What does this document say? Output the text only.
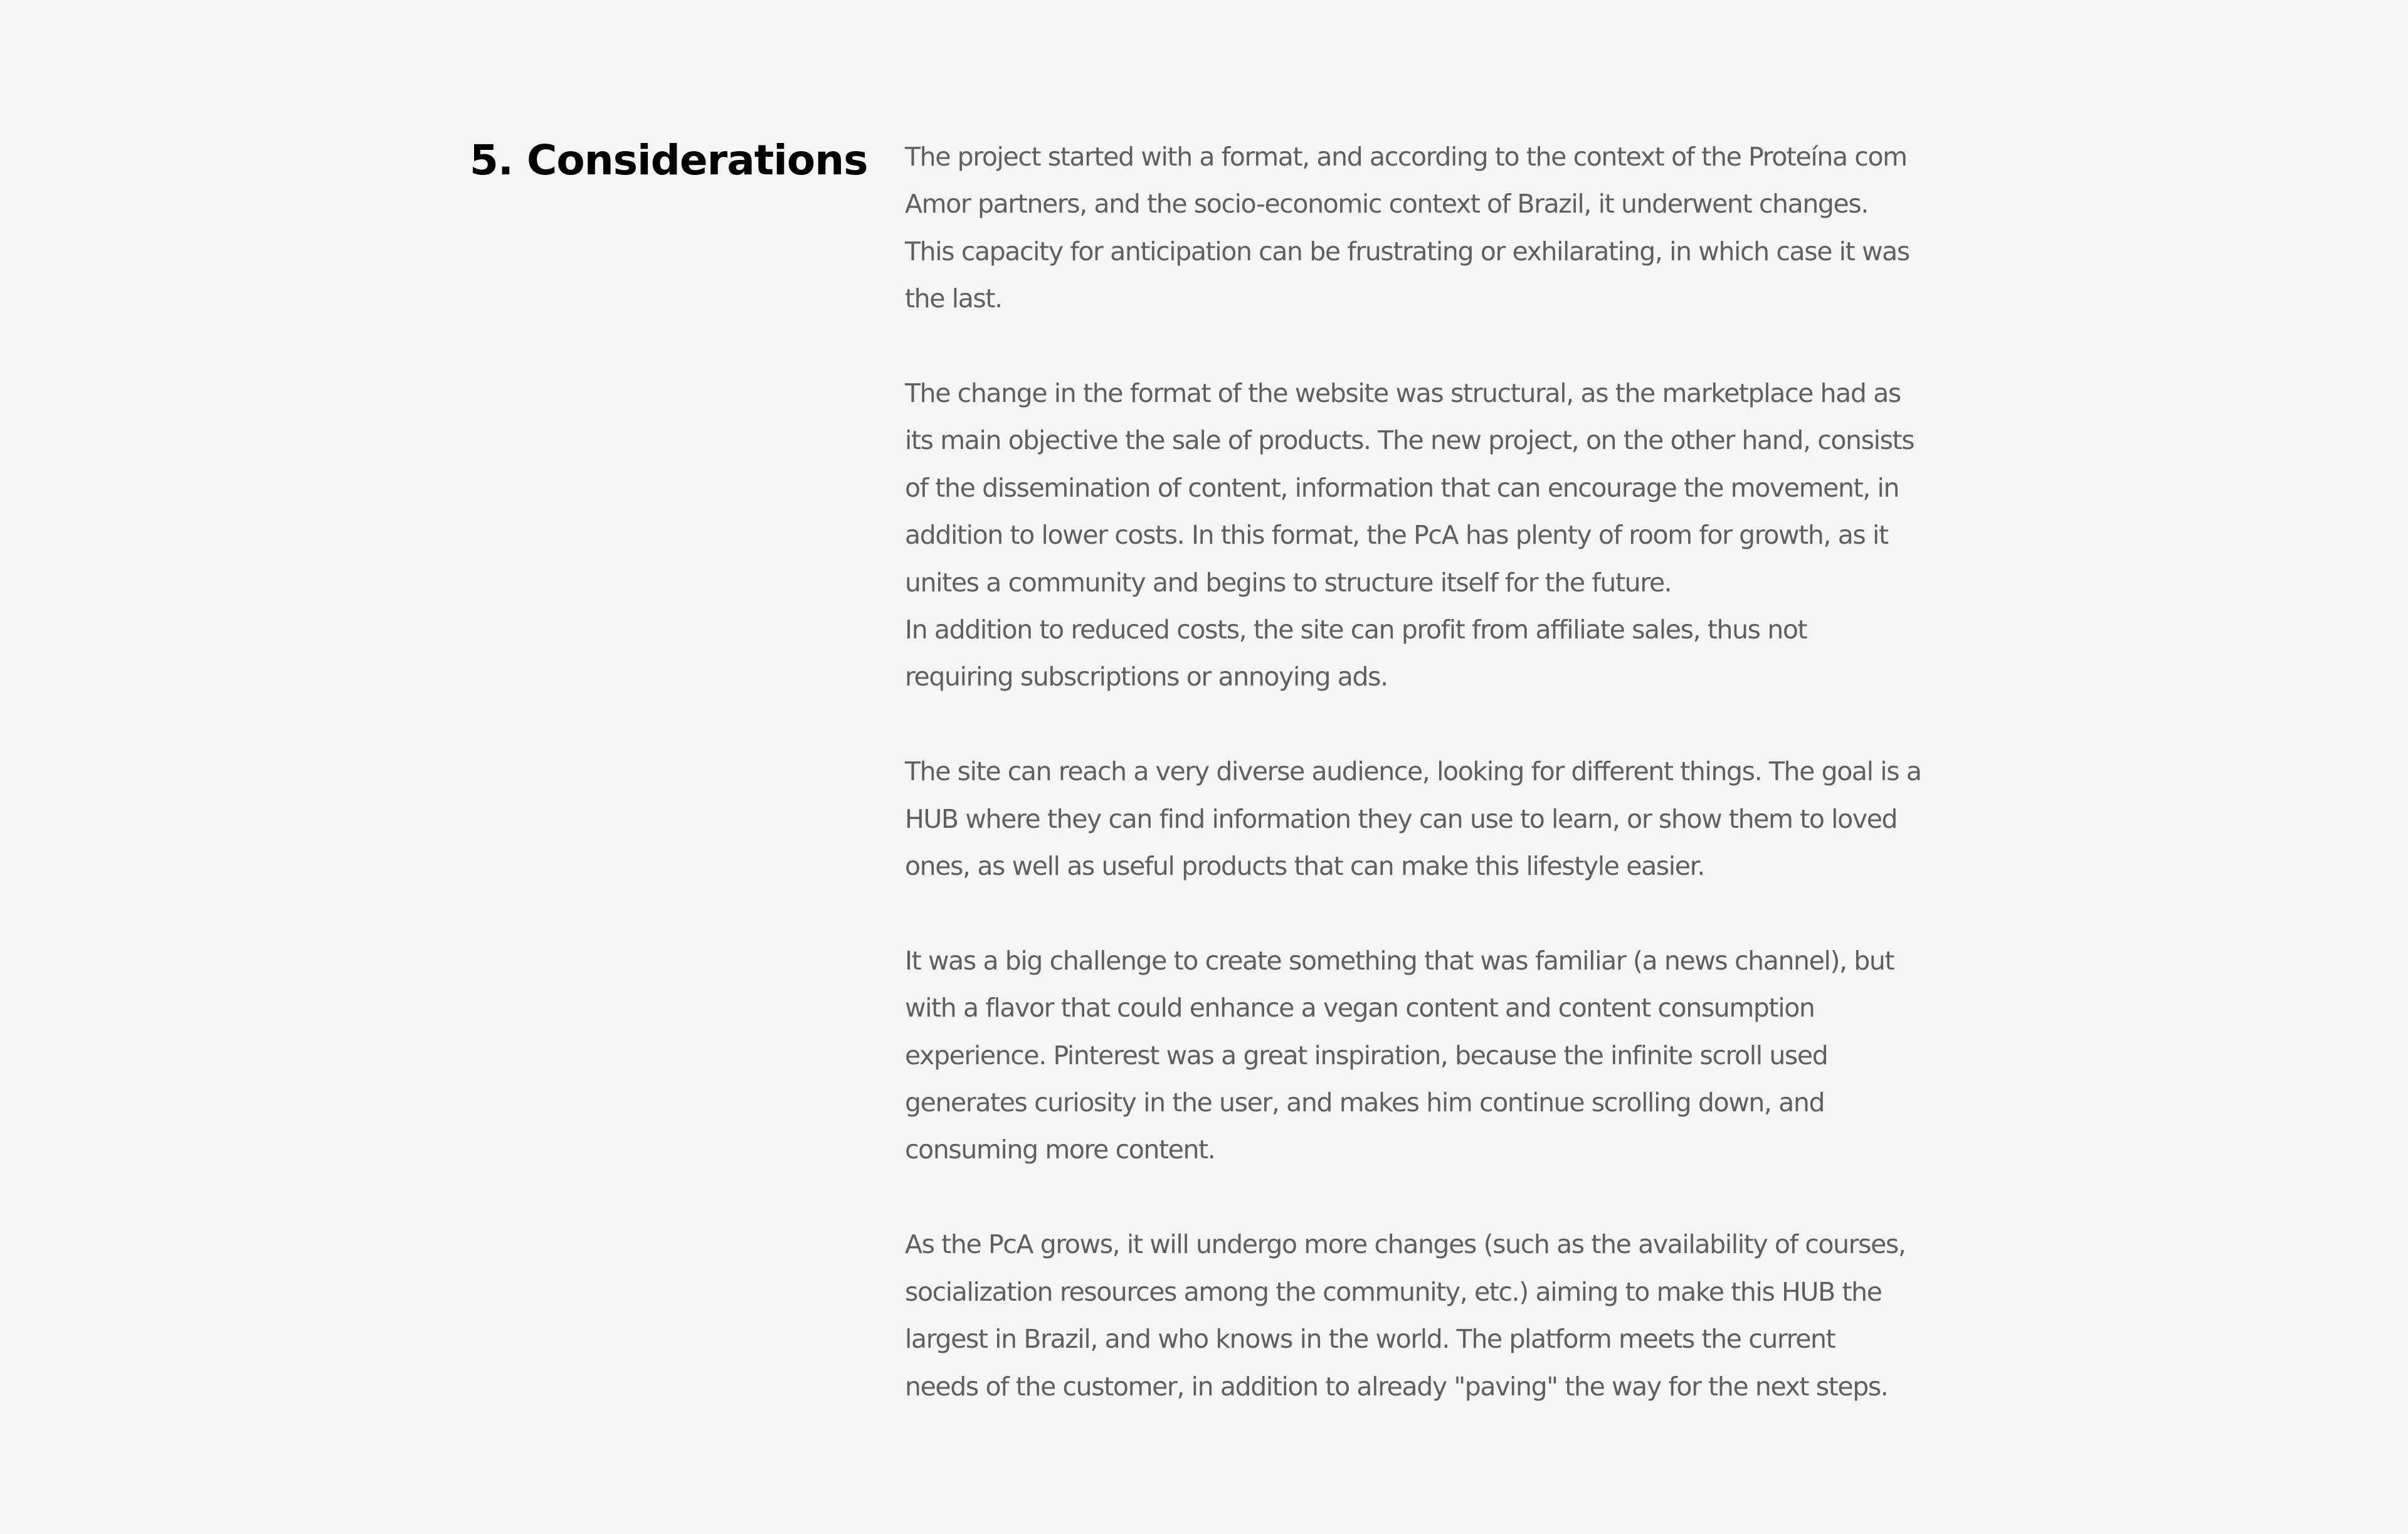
5. Considerations The project started with a format, and according to the context of the Proteína com
Amor partners, and the socio-economic context of Brazil, it underwent changes.
This capacity for anticipation can be frustrating or exhilarating, in which case it was
the last.

The change in the format of the website was structural, as the marketplace had as
its main objective the sale of products. The new project, on the other hand, consists
of the dissemination of content, information that can encourage the movement, in
addition to lower costs. In this format, the PcA has plenty of room for growth, as it
unites a community and begins to structure itself for the future.
In addition to reduced costs, the site can profit from affiliate sales, thus not
requiring subscriptions or annoying ads.

The site can reach a very diverse audience, looking for different things. The goal is a
HUB where they can find information they can use to learn, or show them to loved
ones, as well as useful products that can make this lifestyle easier.

It was a big challenge to create something that was familiar (a news channel), but
with a flavor that could enhance a vegan content and content consumption
experience. Pinterest was a great inspiration, because the infinite scroll used
generates curiosity in the user, and makes him continue scrolling down, and
consuming more content.

As the PcA grows, it will undergo more changes (such as the availability of courses,
socialization resources among the community, etc.) aiming to make this HUB the
largest in Brazil, and who knows in the world. The platform meets the current
needs of the customer, in addition to already "paving" the way for the next steps.
